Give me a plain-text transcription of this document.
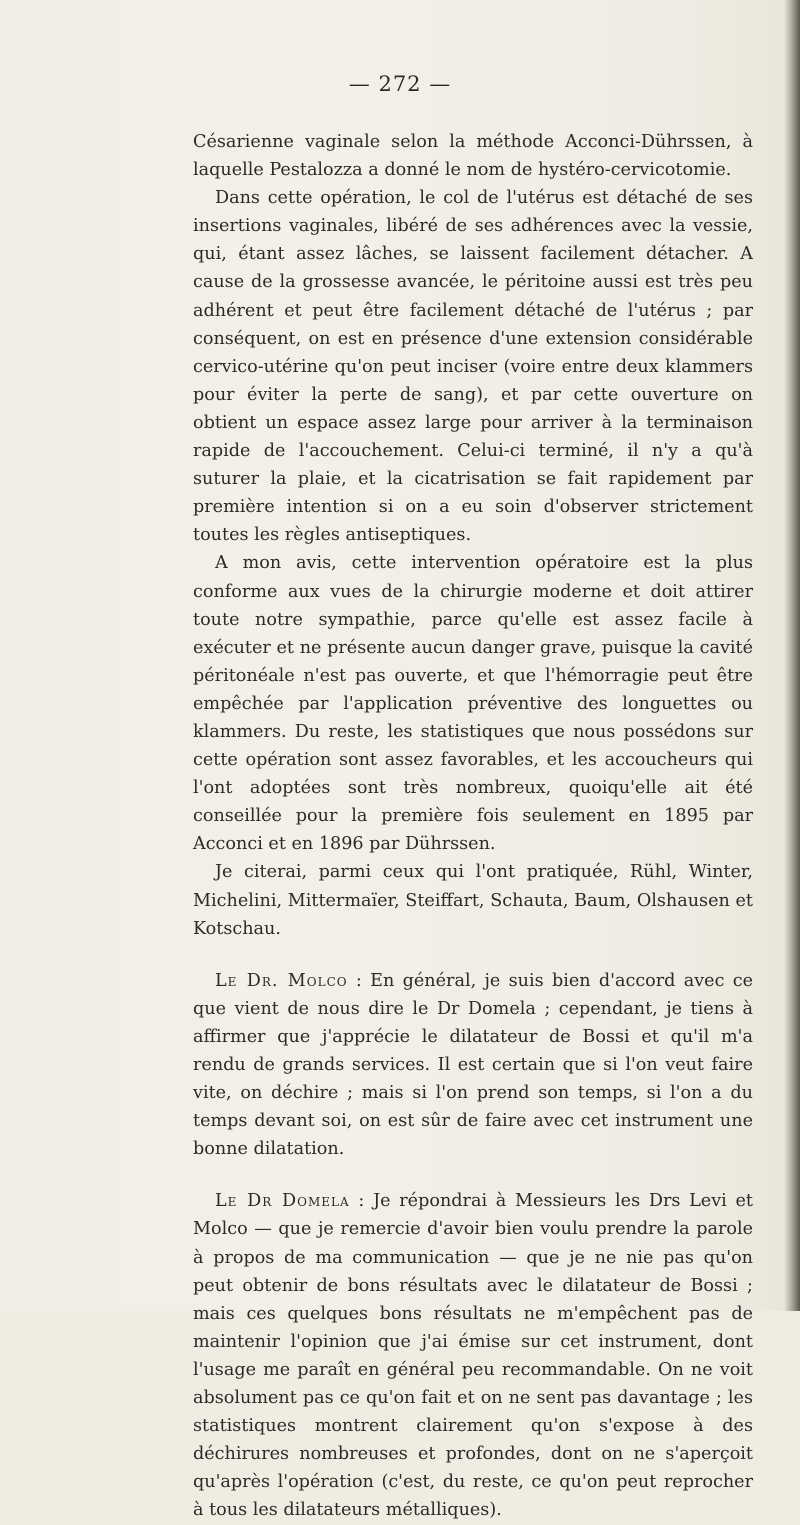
— 272 —

Césarienne vaginale selon la méthode Acconci-Dührssen, à laquelle Pestalozza a donné le nom de hystéro-cervicotomie.

Dans cette opération, le col de l'utérus est détaché de ses insertions vaginales, libéré de ses adhérences avec la vessie, qui, étant assez lâches, se laissent facilement détacher. A cause de la grossesse avancée, le péritoine aussi est très peu adhérent et peut être facilement détaché de l'utérus ; par conséquent, on est en présence d'une extension considérable cervico-utérine qu'on peut inciser (voire entre deux klammers pour éviter la perte de sang), et par cette ouverture on obtient un espace assez large pour arriver à la terminaison rapide de l'accouchement. Celui-ci terminé, il n'y a qu'à suturer la plaie, et la cicatrisation se fait rapidement par première intention si on a eu soin d'observer strictement toutes les règles antiseptiques.

A mon avis, cette intervention opératoire est la plus conforme aux vues de la chirurgie moderne et doit attirer toute notre sympathie, parce qu'elle est assez facile à exécuter et ne présente aucun danger grave, puisque la cavité péritonéale n'est pas ouverte, et que l'hémorragie peut être empêchée par l'application préventive des longuettes ou klammers. Du reste, les statistiques que nous possédons sur cette opération sont assez favorables, et les accoucheurs qui l'ont adoptées sont très nombreux, quoiqu'elle ait été conseillée pour la première fois seulement en 1895 par Acconci et en 1896 par Dührssen.

Je citerai, parmi ceux qui l'ont pratiquée, Rühl, Winter, Michelini, Mittermaïer, Steiffart, Schauta, Baum, Olshausen et Kotschau.

Le Dr. Molco : En général, je suis bien d'accord avec ce que vient de nous dire le Dr Domela ; cependant, je tiens à affirmer que j'apprécie le dilatateur de Bossi et qu'il m'a rendu de grands services. Il est certain que si l'on veut faire vite, on déchire ; mais si l'on prend son temps, si l'on a du temps devant soi, on est sûr de faire avec cet instrument une bonne dilatation.

Le Dr Domela : Je répondrai à Messieurs les Drs Levi et Molco — que je remercie d'avoir bien voulu prendre la parole à propos de ma communication — que je ne nie pas qu'on peut obtenir de bons résultats avec le dilatateur de Bossi ; mais ces quelques bons résultats ne m'empêchent pas de maintenir l'opinion que j'ai émise sur cet instrument, dont l'usage me paraît en général peu recommandable. On ne voit absolument pas ce qu'on fait et on ne sent pas davantage ; les statistiques montrent clairement qu'on s'expose à des déchirures nombreuses et profondes, dont on ne s'aperçoit qu'après l'opération (c'est, du reste, ce qu'on peut reprocher à tous les dilatateurs métalliques).
